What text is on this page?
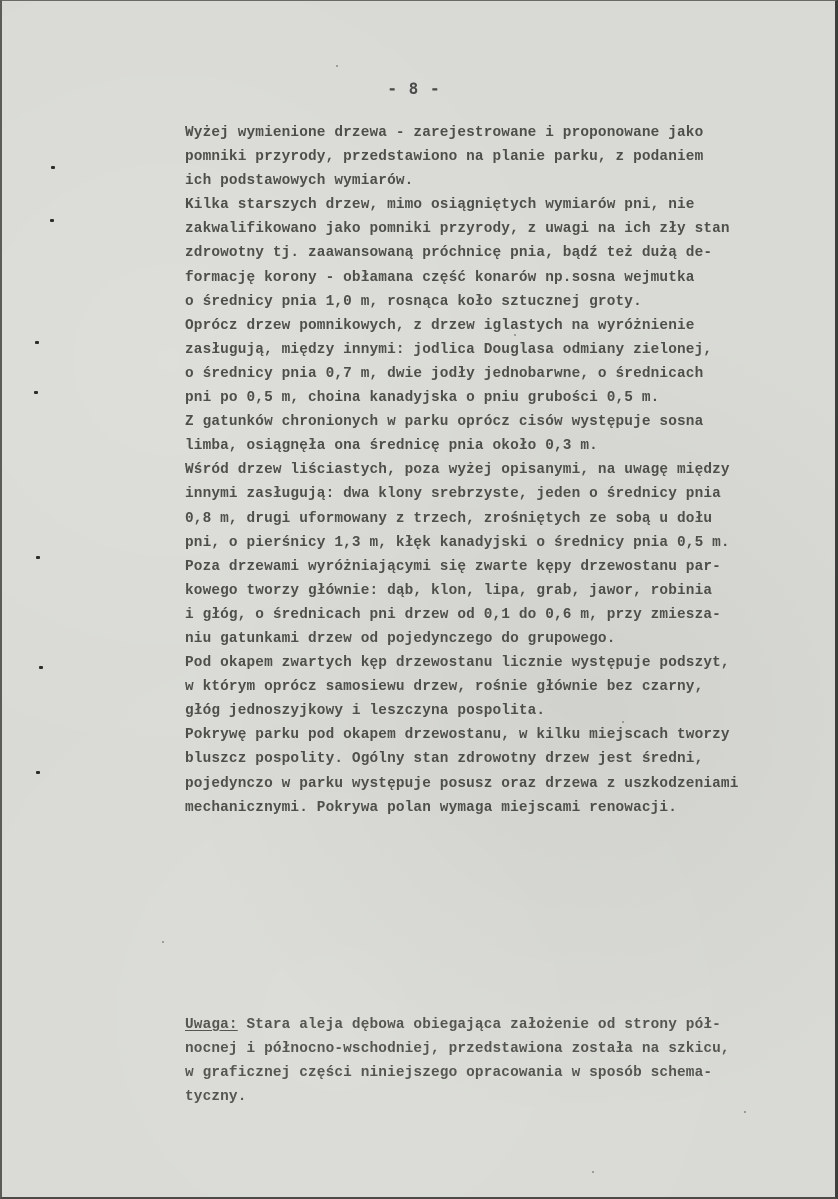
- 8 -
Wyżej wymienione drzewa - zarejestrowane i proponowane jako
pomniki przyrody, przedstawiono na planie parku, z podaniem
ich podstawowych wymiarów.
Kilka starszych drzew, mimo osiągniętych wymiarów pni, nie
zakwalifikowano jako pomniki przyrody, z uwagi na ich zły stan
zdrowotny tj. zaawansowaną próchnicę pnia, bądź też dużą de-
formację korony - obłamana część konarów np.sosna wejmutka
o średnicy pnia 1,0 m, rosnąca koło sztucznej groty.
Oprócz drzew pomnikowych, z drzew iglastych na wyróżnienie
zasługują, między innymi: jodlica Douglasa odmiany zielonej,
o średnicy pnia 0,7 m, dwie jodły jednobarwne, o średnicach
pni po 0,5 m, choina kanadyjska o pniu grubości 0,5 m.
Z gatunków chronionych w parku oprócz cisów występuje sosna
limba, osiągnęła ona średnicę pnia około 0,3 m.
Wśród drzew liściastych, poza wyżej opisanymi, na uwagę między
innymi zasługują: dwa klony srebrzyste, jeden o średnicy pnia
0,8 m, drugi uformowany z trzech, zrośniętych ze sobą u dołu
pni, o pierśnicy 1,3 m, kłęk kanadyjski o średnicy pnia 0,5 m.
Poza drzewami wyróżniającymi się zwarte kępy drzewostanu par-
kowego tworzy głównie: dąb, klon, lipa, grab, jawor, robinia
i głóg, o średnicach pni drzew od 0,1 do 0,6 m, przy zmiesza-
niu gatunkami drzew od pojedynczego do grupowego.
Pod okapem zwartych kęp drzewostanu licznie występuje podszyt,
w którym oprócz samosiewu drzew, rośnie głównie bez czarny,
głóg jednoszyjkowy i leszczyna pospolita.
Pokrywę parku pod okapem drzewostanu, w kilku miejscach tworzy
bluszcz pospolity. Ogólny stan zdrowotny drzew jest średni,
pojedynczo w parku występuje posusz oraz drzewa z uszkodzeniami
mechanicznymi. Pokrywa polan wymaga miejscami renowacji.
Uwaga: Stara aleja dębowa obiegająca założenie od strony pół-
nocnej i północno-wschodniej, przedstawiona została na szkicu,
w graficznej części niniejszego opracowania w sposób schema-
tyczny.
